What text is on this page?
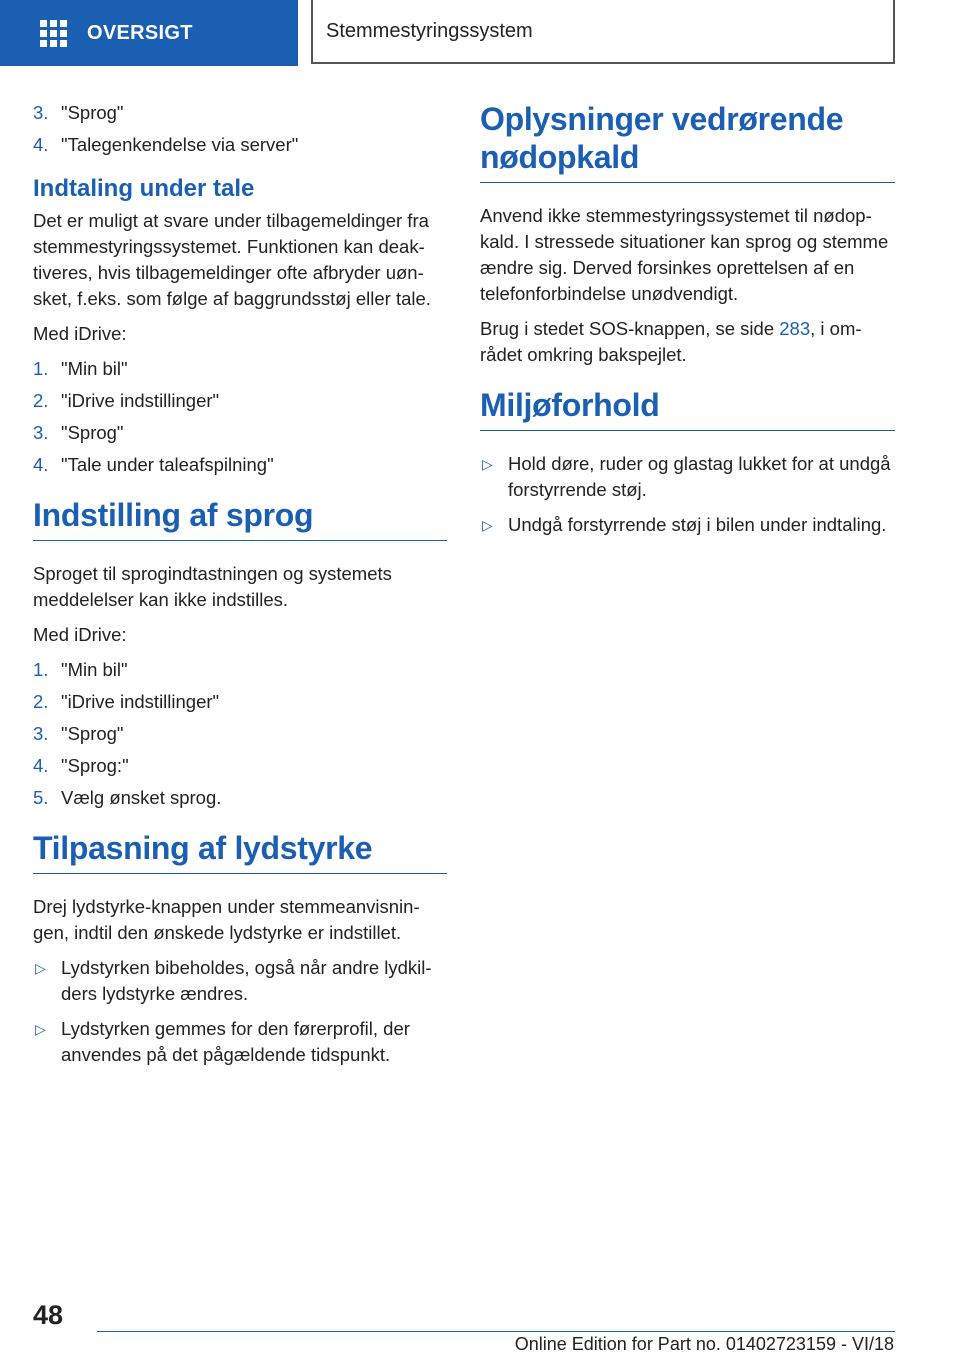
OVERSIGT	Stemmestyringssystem
3. "Sprog"
4. "Talegenkendelse via server"
Indtaling under tale

Det er muligt at svare under tilbagemeldinger fra stemmestyringssystemet. Funktionen kan deaktiveres, hvis tilbagemeldinger ofte afbryder uønsket, f.eks. som følge af baggrundsstøj eller tale.

Med iDrive:

1. "Min bil"
2. "iDrive indstillinger"
3. "Sprog"
4. "Tale under taleafspilning"
Indstilling af sprog

Sproget til sprogindtastningen og systemets meddelelser kan ikke indstilles.

Med iDrive:

1. "Min bil"
2. "iDrive indstillinger"
3. "Sprog"
4. "Sprog:"
5. Vælg ønsket sprog.
Tilpasning af lydstyrke

Drej lydstyrke-knappen under stemmeanvisningen, indtil den ønskede lydstyrke er indstillet.

▷ Lydstyrken bibeholdes, også når andre lydkilders lydstyrke ændres.
▷ Lydstyrken gemmes for den førerprofil, der anvendes på det pågældende tidspunkt.
Oplysninger vedrørende nødopkald

Anvend ikke stemmestyringssystemet til nødopkald. I stressede situationer kan sprog og stemme ændre sig. Derved forsinkes oprettelsen af en telefonforbindelse unødvendigt.

Brug i stedet SOS-knappen, se side 283, i området omkring bakspejlet.

Miljøforhold
▷ Hold døre, ruder og glastag lukket for at undgå forstyrrende støj.
▷ Undgå forstyrrende støj i bilen under indtaling.
48
Online Edition for Part no. 01402723159 - VI/18
